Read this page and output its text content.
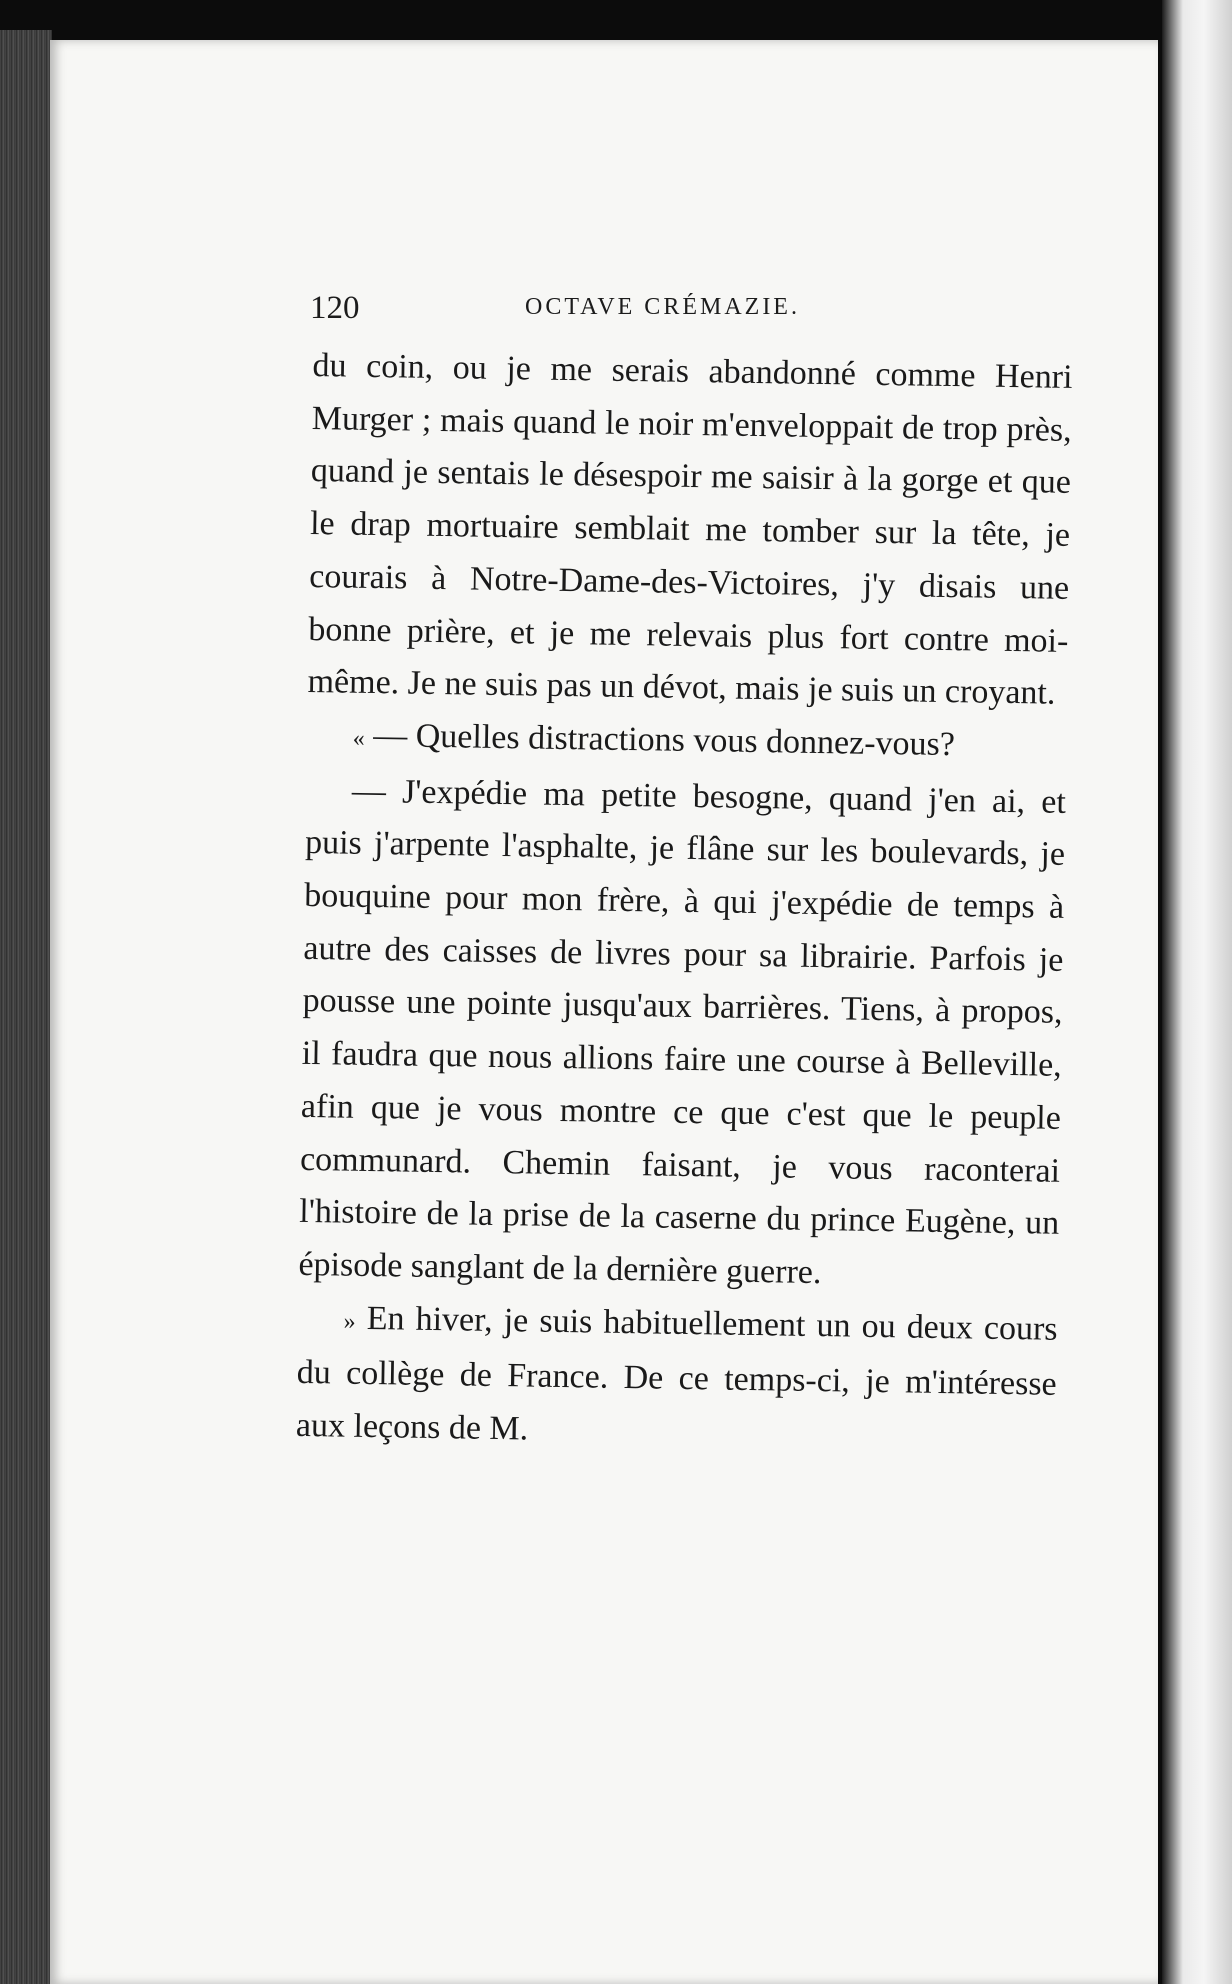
120	OCTAVE CRÉMAZIE.

du coin, ou je me serais abandonné comme Henri Murger ; mais quand le noir m'enveloppait de trop près, quand je sentais le désespoir me saisir à la gorge et que le drap mortuaire semblait me tomber sur la tête, je courais à Notre-Dame-des-Victoires, j'y disais une bonne prière, et je me relevais plus fort contre moi-même. Je ne suis pas un dévot, mais je suis un croyant.

« — Quelles distractions vous donnez-vous?

— J'expédie ma petite besogne, quand j'en ai, et puis j'arpente l'asphalte, je flâne sur les boulevards, je bouquine pour mon frère, à qui j'expédie de temps à autre des caisses de livres pour sa librairie. Parfois je pousse une pointe jusqu'aux barrières. Tiens, à propos, il faudra que nous allions faire une course à Belleville, afin que je vous montre ce que c'est que le peuple communard. Chemin faisant, je vous raconterai l'histoire de la prise de la caserne du prince Eugène, un épisode sanglant de la dernière guerre.

» En hiver, je suis habituellement un ou deux cours du collège de France. De ce temps-ci, je m'intéresse aux leçons de M.
